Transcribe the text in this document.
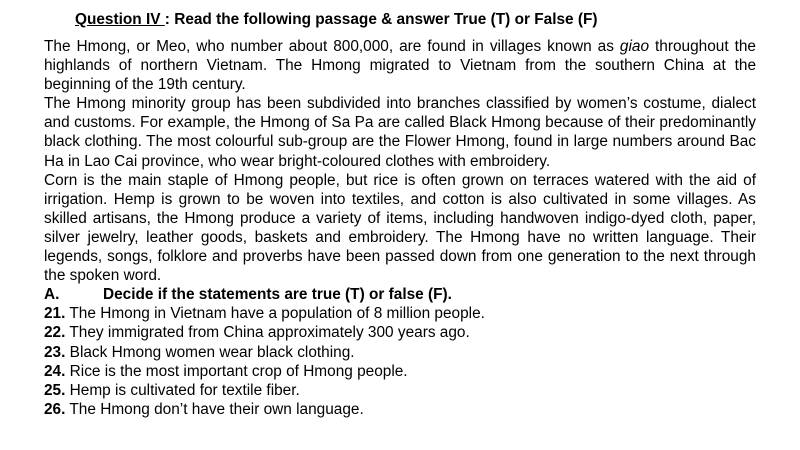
Question IV : Read the following passage & answer True (T) or False (F)

The Hmong, or Meo, who number about 800,000, are found in villages known as giao throughout the highlands of northern Vietnam. The Hmong migrated to Vietnam from the southern China at the beginning of the 19th century.

The Hmong minority group has been subdivided into branches classified by women’s costume, dialect and customs. For example, the Hmong of Sa Pa are called Black Hmong because of their predominantly black clothing. The most colourful sub-group are the Flower Hmong, found in large numbers around Bac Ha in Lao Cai province, who wear bright-coloured clothes with embroidery.

Corn is the main staple of Hmong people, but rice is often grown on terraces watered with the aid of irrigation. Hemp is grown to be woven into textiles, and cotton is also cultivated in some villages. As skilled artisans, the Hmong produce a variety of items, including handwoven indigo-dyed cloth, paper, silver jewelry, leather goods, baskets and embroidery. The Hmong have no written language. Their legends, songs, folklore and proverbs have been passed down from one generation to the next through the spoken word.

A.	Decide if the statements are true (T) or false (F).
21. The Hmong in Vietnam have a population of 8 million people.
22. They immigrated from China approximately 300 years ago.
23. Black Hmong women wear black clothing.
24. Rice is the most important crop of Hmong people.
25. Hemp is cultivated for textile fiber.
26. The Hmong don’t have their own language.
